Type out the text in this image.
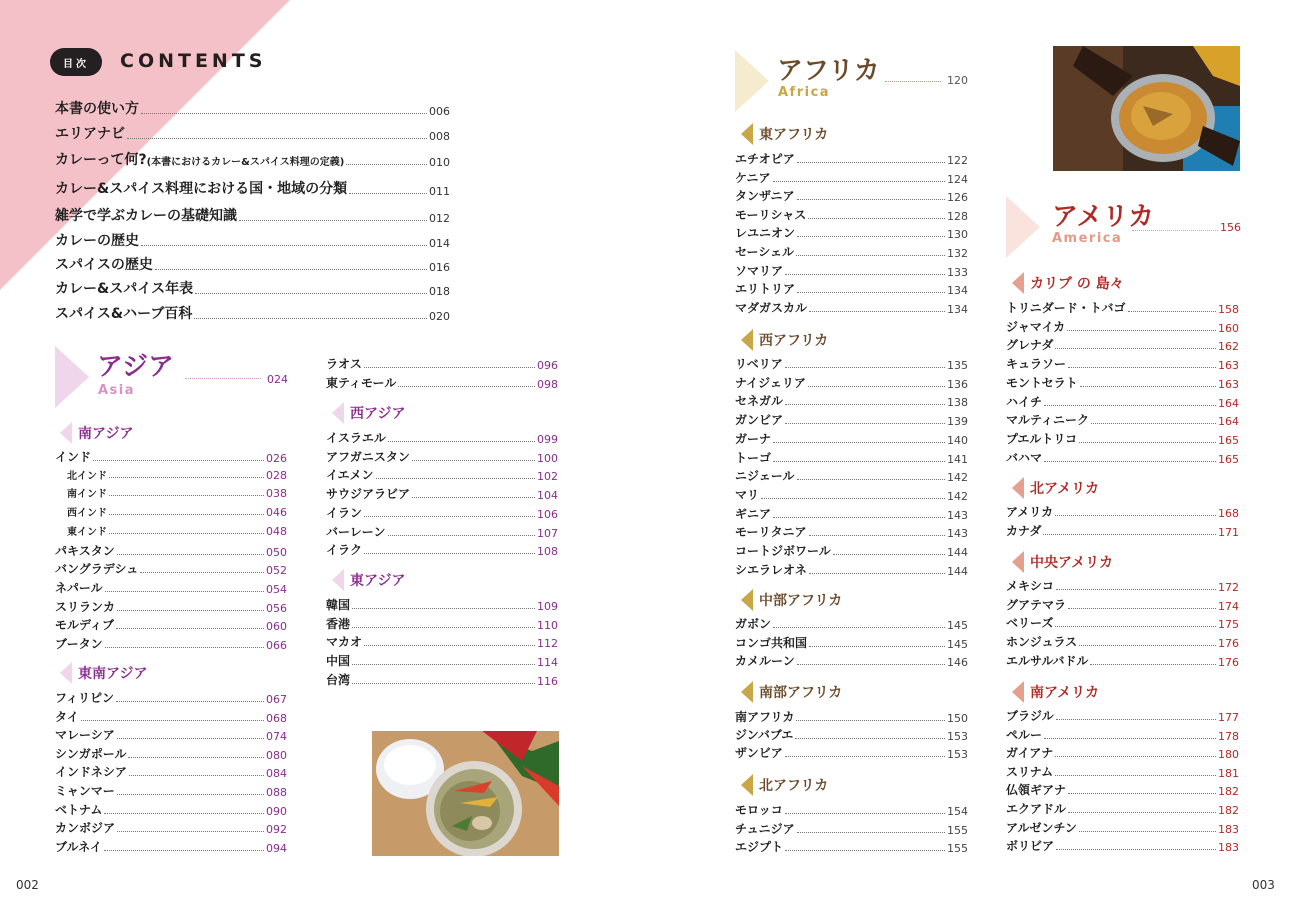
目次	CONTENTS
アジア	024
Asia
アフリカ	120
Africa
アメリカ	156
America
002	003
本書の使い方	006
エリアナビ	008
カレーって何? (本書におけるカレー&スパイス料理の定義)	010
カレー&スパイス料理における国・地域の分類	011
雑学で学ぶカレーの基礎知識	012
カレーの歴史	014
スパイスの歴史	016
カレー&スパイス年表	018
スパイス&ハーブ百科	020
南アジア
インド	026
北インド	028
南インド	038
西インド	046
東インド	048
パキスタン	050
バングラデシュ	052
ネパール	054
スリランカ	056
モルディブ	060
ブータン	066
東南アジア
フィリピン	067
タイ	068
マレーシア	074
シンガポール	080
インドネシア	084
ミャンマー	088
ベトナム	090
カンボジア	092
ブルネイ	094
ラオス	096
東ティモール	098
西アジア
イスラエル	099
アフガニスタン	100
イエメン	102
サウジアラビア	104
イラン	106
バーレーン	107
イラク	108
東アジア
韓国	109
香港	110
マカオ	112
中国	114
台湾	116
東アフリカ
エチオピア	122
ケニア	124
タンザニア	126
モーリシャス	128
レユニオン	130
セーシェル	132
ソマリア	133
エリトリア	134
マダガスカル	134
西アフリカ
リベリア	135
ナイジェリア	136
セネガル	138
ガンビア	139
ガーナ	140
トーゴ	141
ニジェール	142
マリ	142
ギニア	143
モーリタニア	143
コートジボワール	144
シエラレオネ	144
中部アフリカ
ガボン	145
コンゴ共和国	145
カメルーン	146
南部アフリカ
南アフリカ	150
ジンバブエ	153
ザンビア	153
北アフリカ
モロッコ	154
チュニジア	155
エジプト	155
カリブ の 島々
トリニダード・トバゴ	158
ジャマイカ	160
グレナダ	162
キュラソー	163
モントセラト	163
ハイチ	164
マルティニーク	164
プエルトリコ	165
バハマ	165
北アメリカ
アメリカ	168
カナダ	171
中央アメリカ
メキシコ	172
グアテマラ	174
ベリーズ	175
ホンジュラス	176
エルサルバドル	176
南アメリカ
ブラジル	177
ペルー	178
ガイアナ	180
スリナム	181
仏領ギアナ	182
エクアドル	182
アルゼンチン	183
ボリビア	183
